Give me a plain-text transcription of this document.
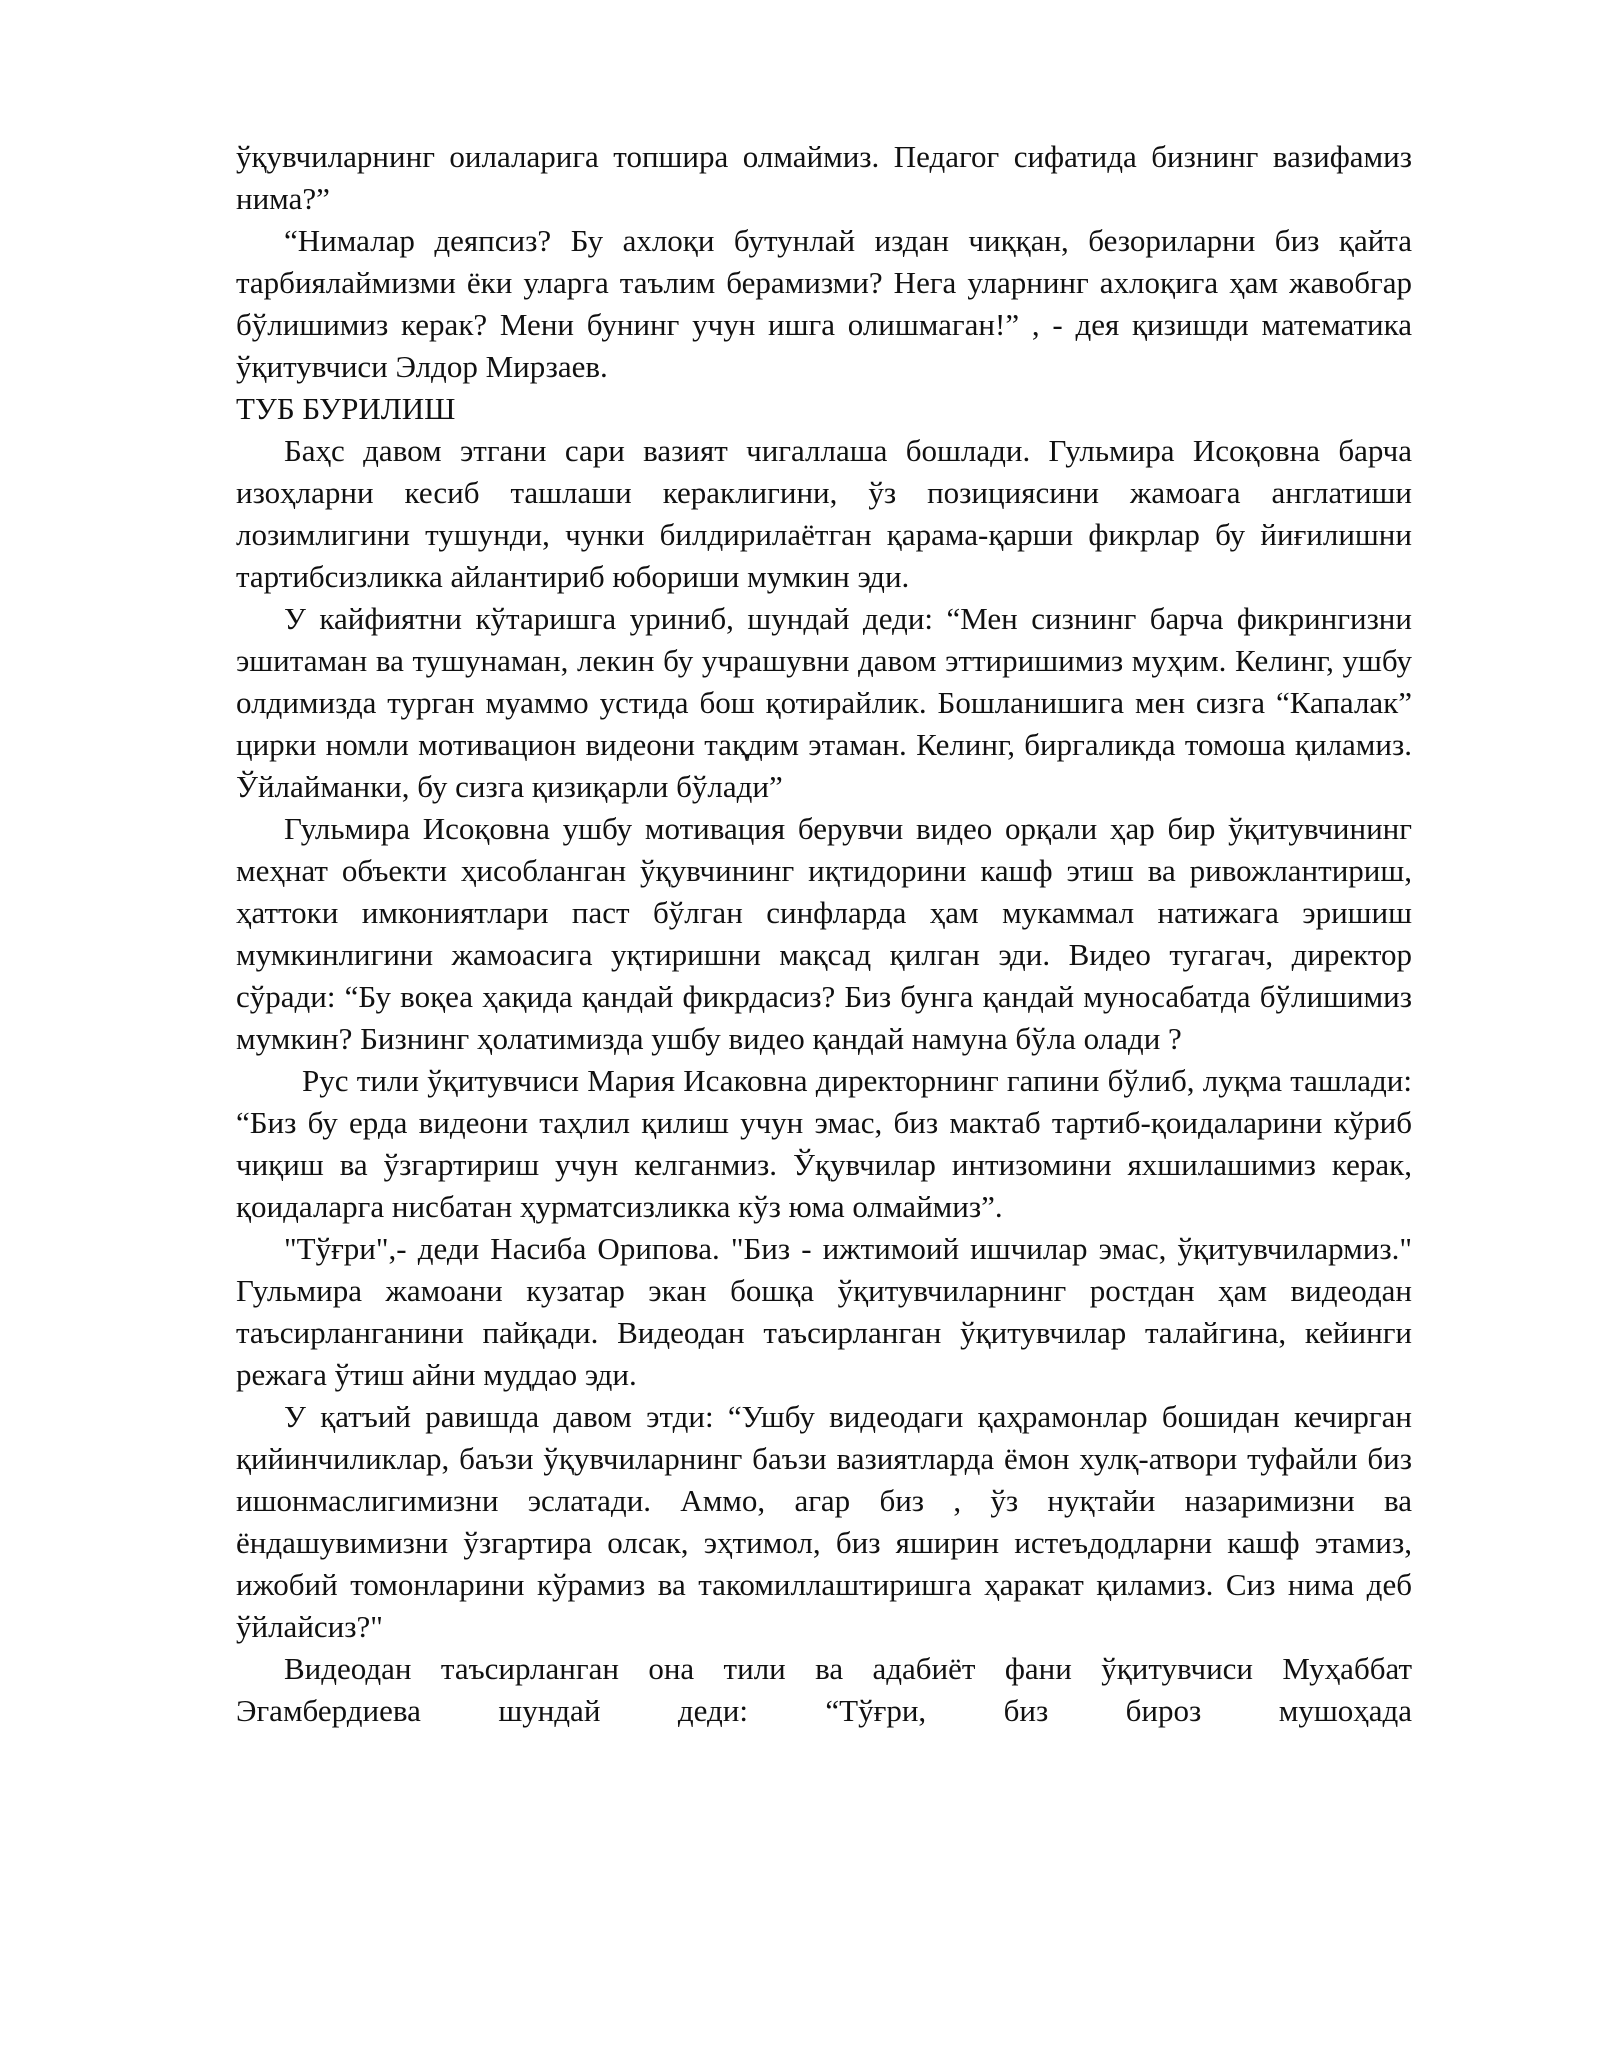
ўқувчиларнинг оилаларига топшира олмаймиз. Педагог сифатида бизнинг вазифамиз нима?”

“Нималар деяпсиз? Бу ахлоқи бутунлай издан чиққан, безориларни биз қайта тарбиялаймизми ёки уларга таълим берамизми? Нега уларнинг ахлоқига ҳам жавобгар бўлишимиз керак? Мени бунинг учун ишга олишмаган!” , - дея қизишди математика ўқитувчиси Элдор Мирзаев.

ТУБ БУРИЛИШ

Баҳс давом этгани сари вазият чигаллаша бошлади. Гульмира Исоқовна барча изоҳларни кесиб ташлаши кераклигини, ўз позициясини жамоага англатиши лозимлигини тушунди, чунки билдирилаётган қарама-қарши фикрлар бу йиғилишни тартибсизликка айлантириб юбориши мумкин эди.

У кайфиятни кўтаришга уриниб, шундай деди: “Мен сизнинг барча фикрингизни эшитаман ва тушунаман, лекин бу учрашувни давом эттиришимиз муҳим. Келинг, ушбу олдимизда турган муаммо устида бош қотирайлик. Бошланишига мен сизга “Капалак” цирки номли мотивацион видеони тақдим этаман. Келинг, биргаликда томоша қиламиз. Ўйлайманки, бу сизга қизиқарли бўлади”

Гульмира Исоқовна ушбу мотивация берувчи видео орқали ҳар бир ўқитувчининг меҳнат объекти ҳисобланган ўқувчининг иқтидорини кашф этиш ва ривожлантириш, ҳаттоки имкониятлари паст бўлган синфларда ҳам мукаммал натижага эришиш мумкинлигини жамоасига уқтиришни мақсад қилган эди. Видео тугагач, директор сўради: “Бу воқеа ҳақида қандай фикрдасиз? Биз бунга қандай муносабатда бўлишимиз мумкин? Бизнинг ҳолатимизда ушбу видео қандай намуна бўла олади ?

Рус тили ўқитувчиси Мария Исаковна директорнинг гапини бўлиб, луқма ташлади: “Биз бу ерда видеони таҳлил қилиш учун эмас, биз мактаб тартиб-қоидаларини кўриб чиқиш ва ўзгартириш учун келганмиз. Ўқувчилар интизомини яхшилашимиз керак, қоидаларга нисбатан ҳурматсизликка кўз юма олмаймиз”.

"Тўғри",- деди Насиба Орипова. "Биз - ижтимоий ишчилар эмас, ўқитувчилармиз." Гульмира жамоани кузатар экан бошқа ўқитувчиларнинг ростдан ҳам видеодан таъсирланганини пайқади. Видеодан таъсирланган ўқитувчилар талайгина, кейинги режага ўтиш айни муддао эди.

У қатъий равишда давом этди: “Ушбу видеодаги қаҳрамонлар бошидан кечирган қийинчиликлар, баъзи ўқувчиларнинг баъзи вазиятларда ёмон хулқ-атвори туфайли биз ишонмаслигимизни эслатади. Аммо, агар биз , ўз нуқтайи назаримизни ва ёндашувимизни ўзгартира олсак, эҳтимол, биз яширин истеъдодларни кашф этамиз, ижобий томонларини кўрамиз ва такомиллаштиришга ҳаракат қиламиз. Сиз нима деб ўйлайсиз?"

Видеодан таъсирланган она тили ва адабиёт фани ўқитувчиси Муҳаббат Эгамбердиева шундай деди: “Тўғри, биз бироз мушоҳада
